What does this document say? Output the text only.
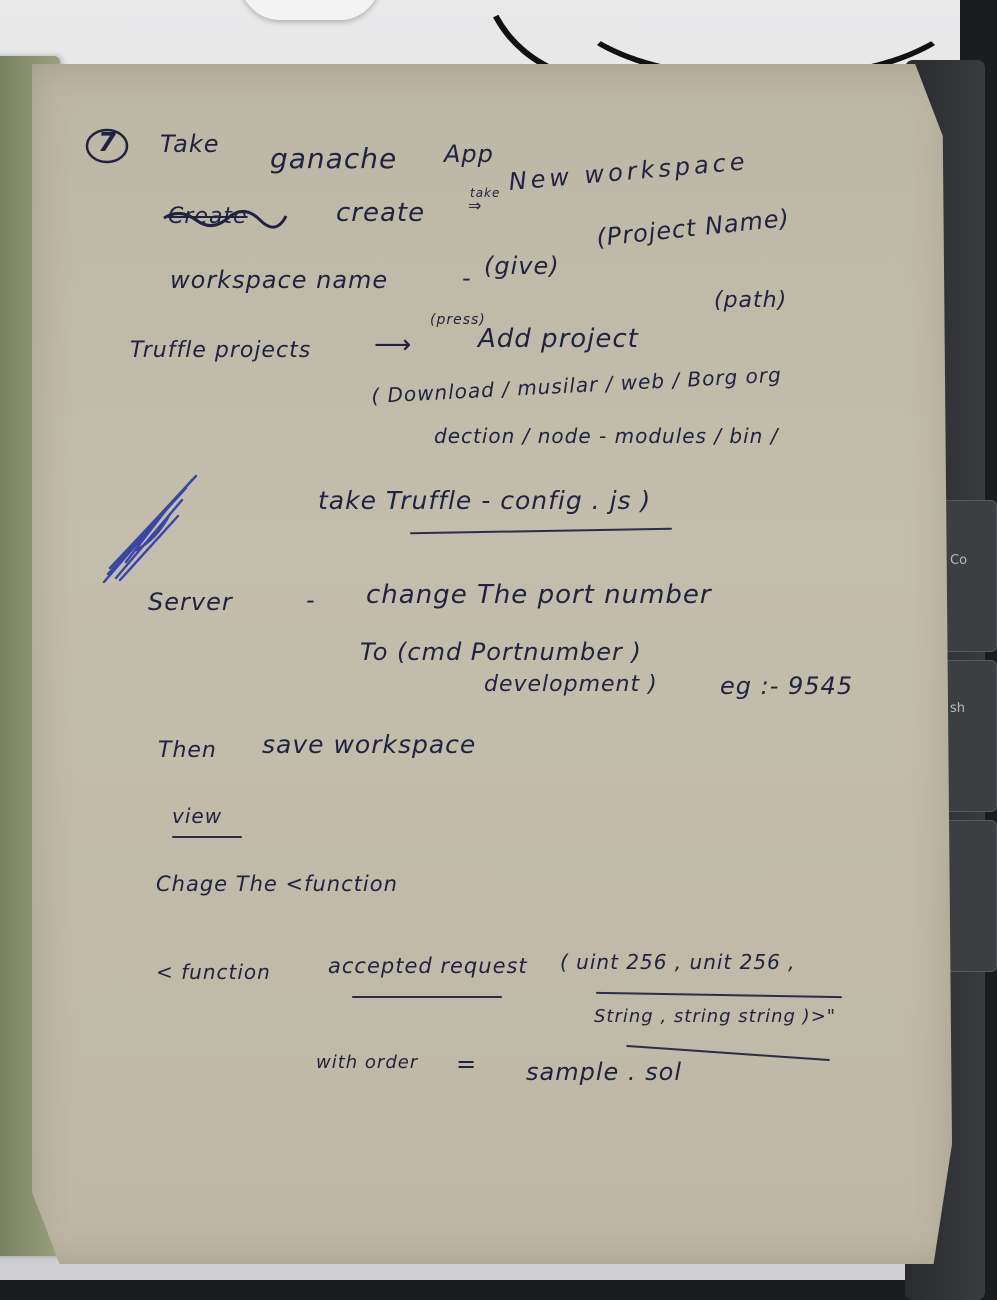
Co
sh
7 Take ganache App
Create	create
take
⇒
New workspace
workspace name	- (give)
(Project Name)
Truffle projects ⟶
(press)
Add project
(path)
( Download / musilar / web / Borg org
dection / node - modules / bin /
take Truffle - config . js )
Server	- change The port number
To (cmd Portnumber )
development )	eg :- 9545
Then save workspace
view
Chage The <function
< function	accepted request ( uint 256 , unit 256 ,
String , string string )>"
with order = sample . sol
